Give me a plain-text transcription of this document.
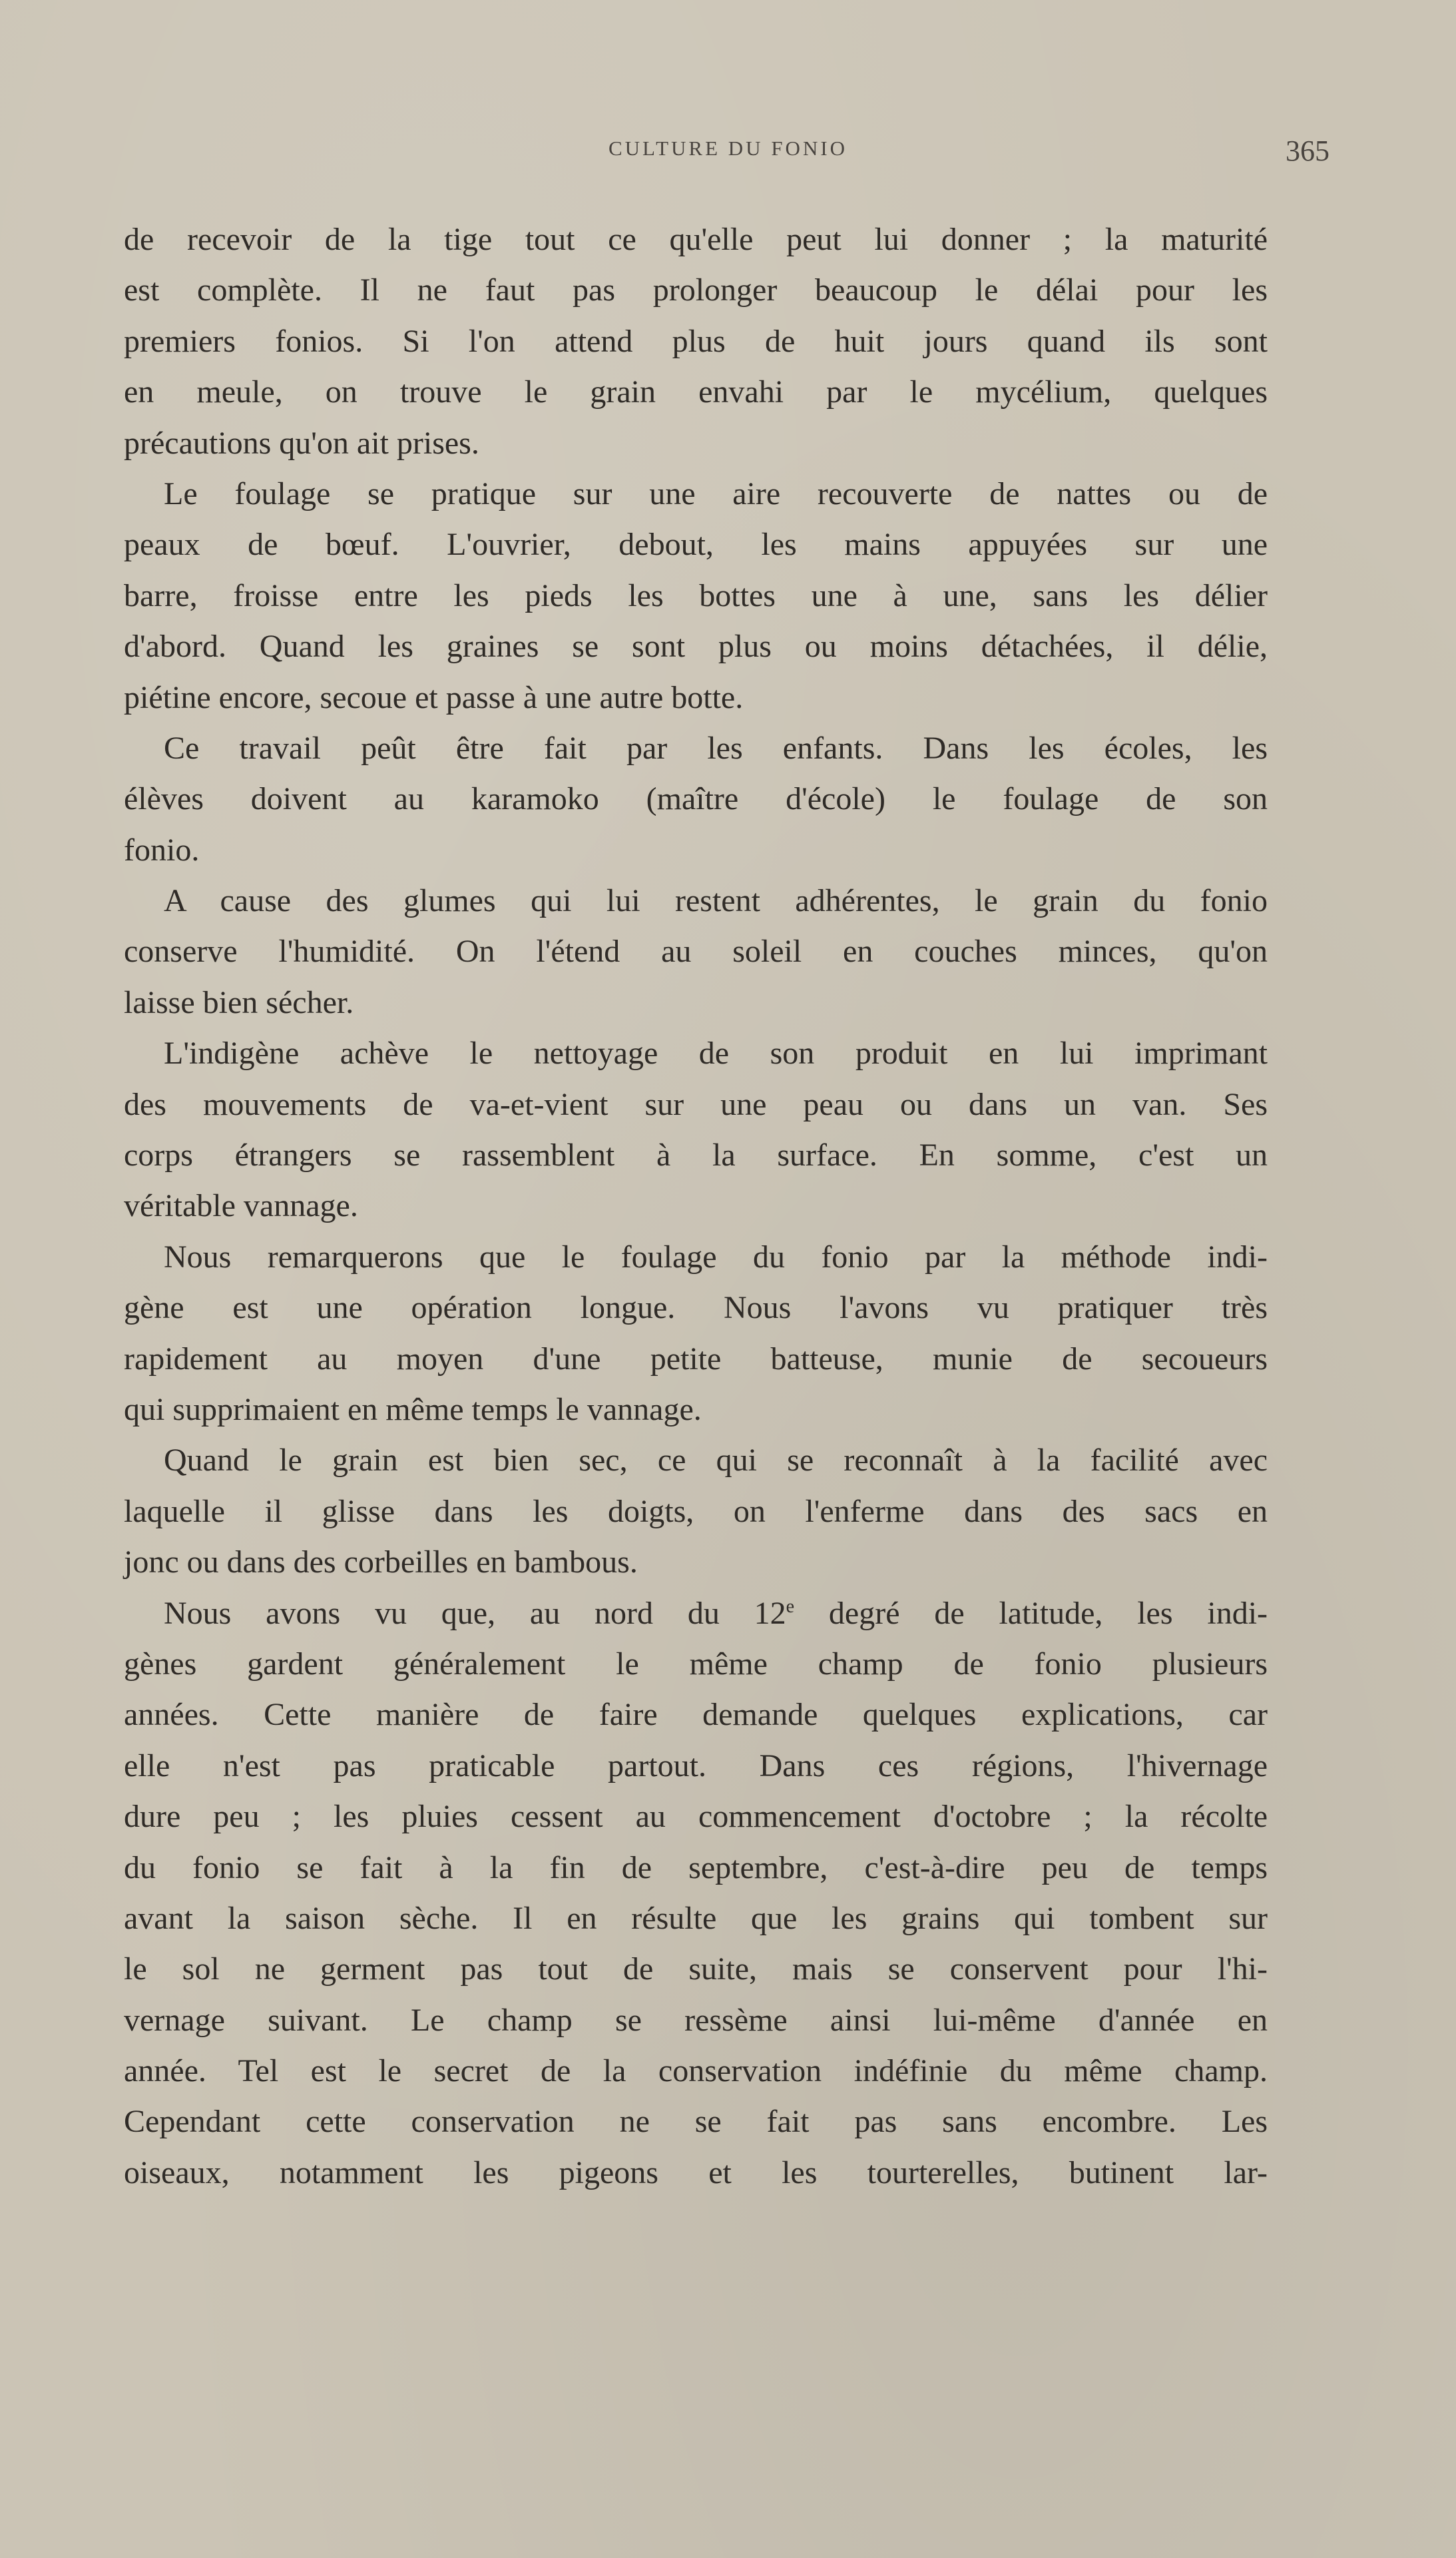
CULTURE DU FONIO	365
de recevoir de la tige tout ce qu'elle peut lui donner ; la maturité
est complète. Il ne faut pas prolonger beaucoup le délai pour les
premiers fonios. Si l'on attend plus de huit jours quand ils sont
en meule, on trouve le grain envahi par le mycélium, quelques
précautions qu'on ait prises.
Le foulage se pratique sur une aire recouverte de nattes ou de
peaux de bœuf. L'ouvrier, debout, les mains appuyées sur une
barre, froisse entre les pieds les bottes une à une, sans les délier
d'abord. Quand les graines se sont plus ou moins détachées, il délie,
piétine encore, secoue et passe à une autre botte.
Ce travail peût être fait par les enfants. Dans les écoles, les
élèves doivent au karamoko (maître d'école) le foulage de son
fonio.
A cause des glumes qui lui restent adhérentes, le grain du fonio
conserve l'humidité. On l'étend au soleil en couches minces, qu'on
laisse bien sécher.
L'indigène achève le nettoyage de son produit en lui imprimant
des mouvements de va-et-vient sur une peau ou dans un van. Ses
corps étrangers se rassemblent à la surface. En somme, c'est un
véritable vannage.
Nous remarquerons que le foulage du fonio par la méthode indi-
gène est une opération longue. Nous l'avons vu pratiquer très
rapidement au moyen d'une petite batteuse, munie de secoueurs
qui supprimaient en même temps le vannage.
Quand le grain est bien sec, ce qui se reconnaît à la facilité avec
laquelle il glisse dans les doigts, on l'enferme dans des sacs en
jonc ou dans des corbeilles en bambous.
Nous avons vu que, au nord du 12e degré de latitude, les indi-
gènes gardent généralement le même champ de fonio plusieurs
années. Cette manière de faire demande quelques explications, car
elle n'est pas praticable partout. Dans ces régions, l'hivernage
dure peu ; les pluies cessent au commencement d'octobre ; la récolte
du fonio se fait à la fin de septembre, c'est-à-dire peu de temps
avant la saison sèche. Il en résulte que les grains qui tombent sur
le sol ne germent pas tout de suite, mais se conservent pour l'hi-
vernage suivant. Le champ se ressème ainsi lui-même d'année en
année. Tel est le secret de la conservation indéfinie du même champ.
Cependant cette conservation ne se fait pas sans encombre. Les
oiseaux, notamment les pigeons et les tourterelles, butinent lar-
